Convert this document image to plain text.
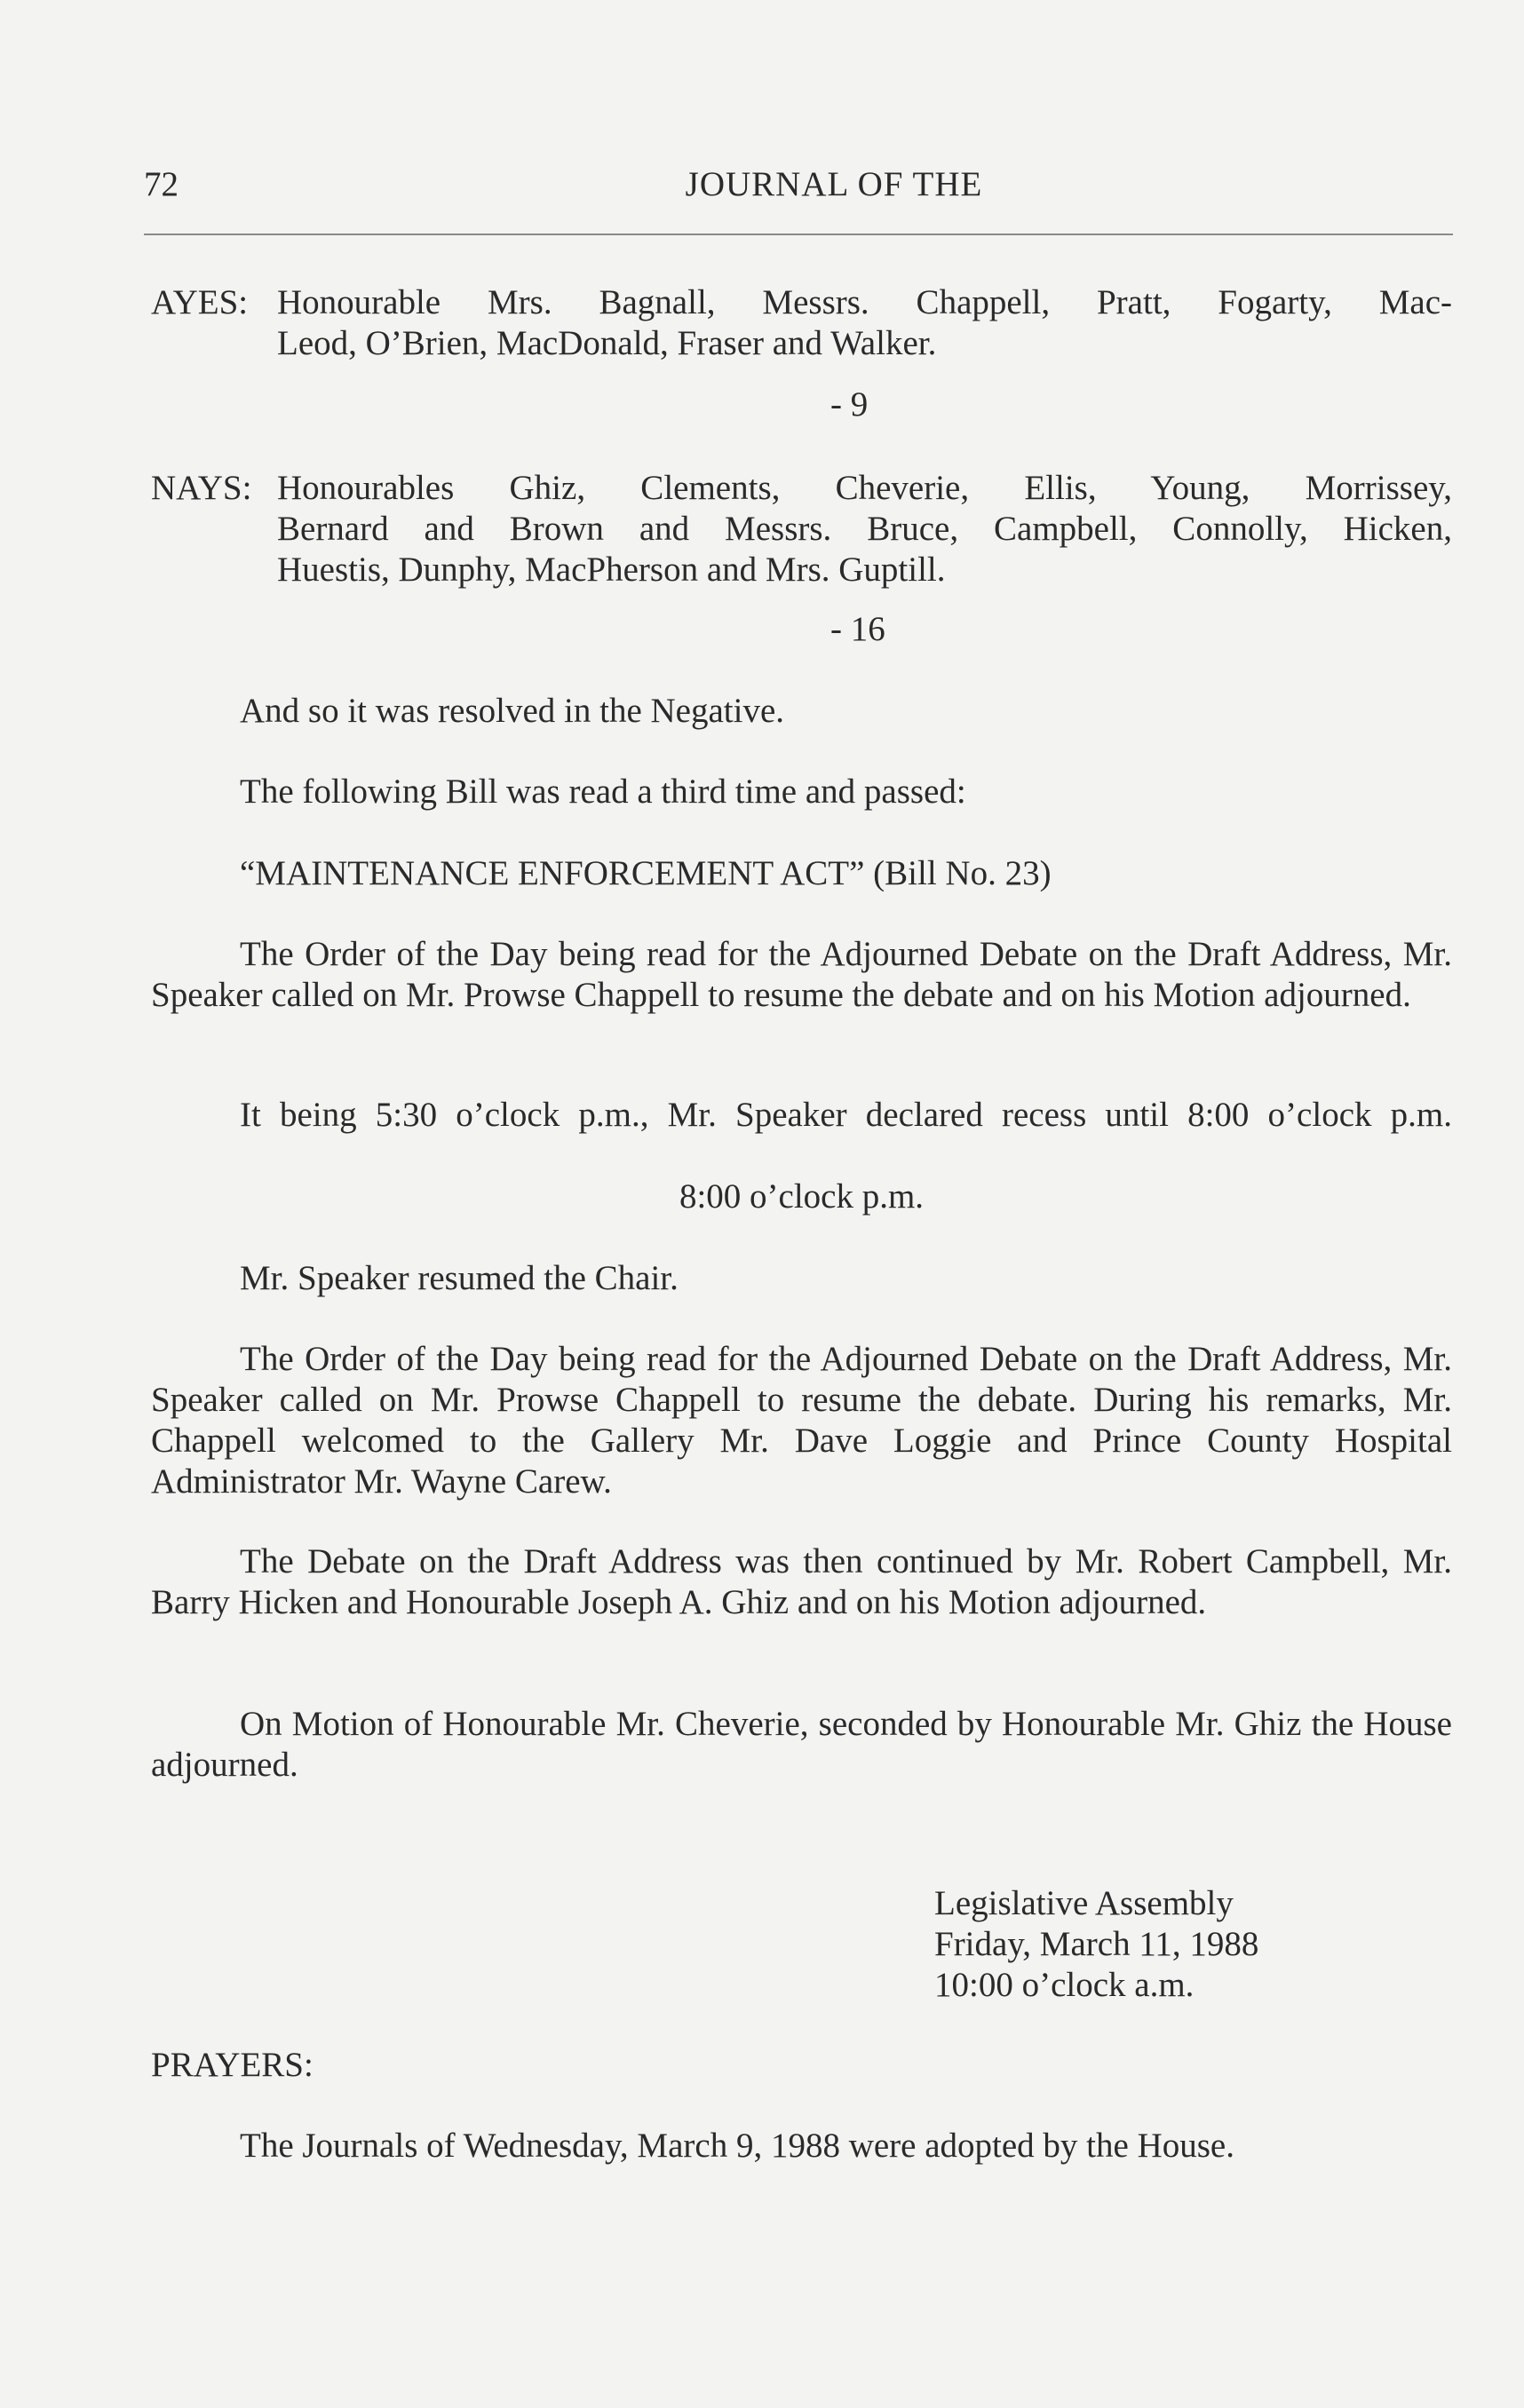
72	JOURNAL OF THE
AYES: Honourable Mrs. Bagnall, Messrs. Chappell, Pratt, Fogarty, Mac-
Leod, O’Brien, MacDonald, Fraser and Walker.
- 9
NAYS: Honourables Ghiz, Clements, Cheverie, Ellis, Young, Morrissey,
Bernard and Brown and Messrs. Bruce, Campbell, Connolly, Hicken,
Huestis, Dunphy, MacPherson and Mrs. Guptill.
- 16
And so it was resolved in the Negative.
The following Bill was read a third time and passed:
“MAINTENANCE ENFORCEMENT ACT” (Bill No. 23)
The Order of the Day being read for the Adjourned Debate on the Draft Address, Mr. Speaker called on Mr. Prowse Chappell to resume the debate and on his Motion adjourned.
It being 5:30 o’clock p.m., Mr. Speaker declared recess until 8:00 o’clock p.m.
8:00 o’clock p.m.
Mr. Speaker resumed the Chair.
The Order of the Day being read for the Adjourned Debate on the Draft Address, Mr. Speaker called on Mr. Prowse Chappell to resume the debate. During his remarks, Mr. Chappell welcomed to the Gallery Mr. Dave Loggie and Prince County Hospital Administrator Mr. Wayne Carew.
The Debate on the Draft Address was then continued by Mr. Robert Campbell, Mr. Barry Hicken and Honourable Joseph A. Ghiz and on his Motion adjourned.
On Motion of Honourable Mr. Cheverie, seconded by Honourable Mr. Ghiz the House adjourned.
Legislative Assembly
Friday, March 11, 1988
10:00 o’clock a.m.
PRAYERS:
The Journals of Wednesday, March 9, 1988 were adopted by the House.
